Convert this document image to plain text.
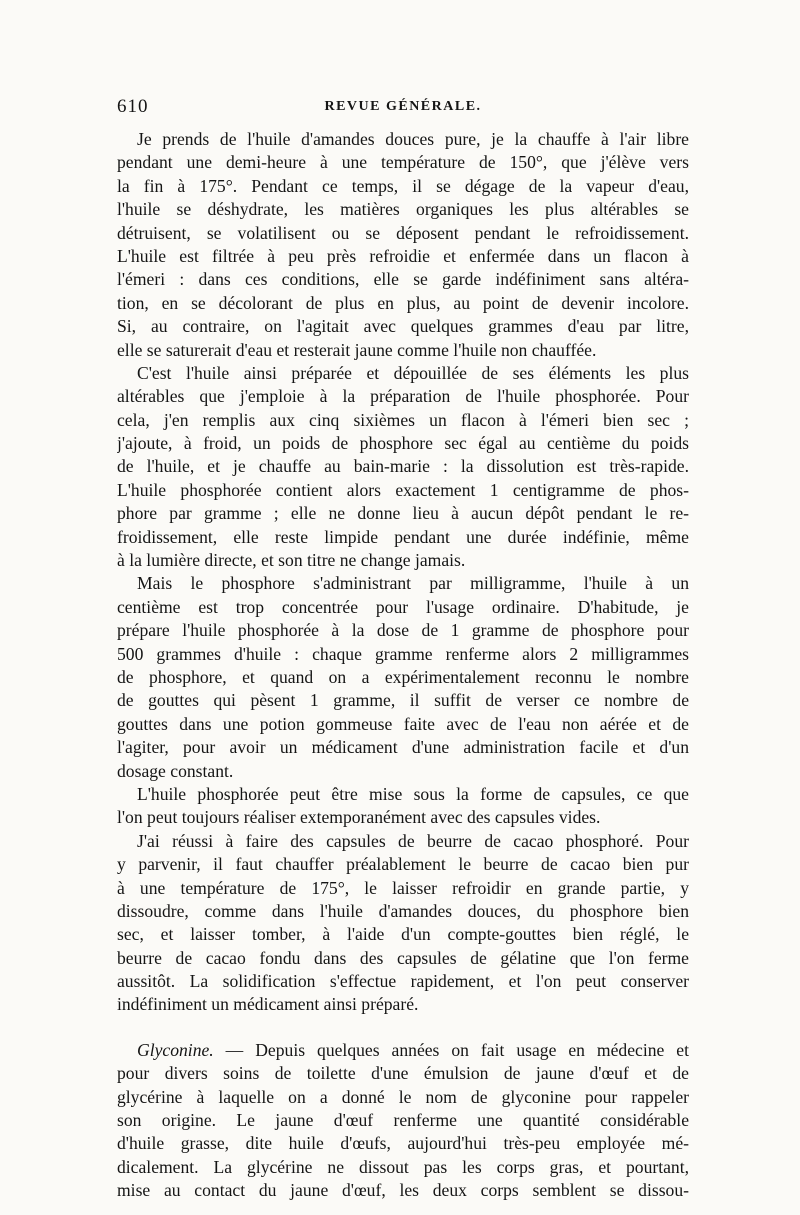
610	REVUE GÉNÉRALE.
Je prends de l'huile d'amandes douces pure, je la chauffe à l'air libre
pendant une demi-heure à une température de 150°, que j'élève vers
la fin à 175°. Pendant ce temps, il se dégage de la vapeur d'eau,
l'huile se déshydrate, les matières organiques les plus altérables se
détruisent, se volatilisent ou se déposent pendant le refroidissement.
L'huile est filtrée à peu près refroidie et enfermée dans un flacon à
l'émeri : dans ces conditions, elle se garde indéfiniment sans altéra-
tion, en se décolorant de plus en plus, au point de devenir incolore.
Si, au contraire, on l'agitait avec quelques grammes d'eau par litre,
elle se saturerait d'eau et resterait jaune comme l'huile non chauffée.
C'est l'huile ainsi préparée et dépouillée de ses éléments les plus
altérables que j'emploie à la préparation de l'huile phosphorée. Pour
cela, j'en remplis aux cinq sixièmes un flacon à l'émeri bien sec ;
j'ajoute, à froid, un poids de phosphore sec égal au centième du poids
de l'huile, et je chauffe au bain-marie : la dissolution est très-rapide.
L'huile phosphorée contient alors exactement 1 centigramme de phos-
phore par gramme ; elle ne donne lieu à aucun dépôt pendant le re-
froidissement, elle reste limpide pendant une durée indéfinie, même
à la lumière directe, et son titre ne change jamais.
Mais le phosphore s'administrant par milligramme, l'huile à un
centième est trop concentrée pour l'usage ordinaire. D'habitude, je
prépare l'huile phosphorée à la dose de 1 gramme de phosphore pour
500 grammes d'huile : chaque gramme renferme alors 2 milligrammes
de phosphore, et quand on a expérimentalement reconnu le nombre
de gouttes qui pèsent 1 gramme, il suffit de verser ce nombre de
gouttes dans une potion gommeuse faite avec de l'eau non aérée et de
l'agiter, pour avoir un médicament d'une administration facile et d'un
dosage constant.
L'huile phosphorée peut être mise sous la forme de capsules, ce que
l'on peut toujours réaliser extemporanément avec des capsules vides.
J'ai réussi à faire des capsules de beurre de cacao phosphoré. Pour
y parvenir, il faut chauffer préalablement le beurre de cacao bien pur
à une température de 175°, le laisser refroidir en grande partie, y
dissoudre, comme dans l'huile d'amandes douces, du phosphore bien
sec, et laisser tomber, à l'aide d'un compte-gouttes bien réglé, le
beurre de cacao fondu dans des capsules de gélatine que l'on ferme
aussitôt. La solidification s'effectue rapidement, et l'on peut conserver
indéfiniment un médicament ainsi préparé.
Glyconine. — Depuis quelques années on fait usage en médecine et
pour divers soins de toilette d'une émulsion de jaune d'œuf et de
glycérine à laquelle on a donné le nom de glyconine pour rappeler
son origine. Le jaune d'œuf renferme une quantité considérable
d'huile grasse, dite huile d'œufs, aujourd'hui très-peu employée mé-
dicalement. La glycérine ne dissout pas les corps gras, et pourtant,
mise au contact du jaune d'œuf, les deux corps semblent se dissou-
